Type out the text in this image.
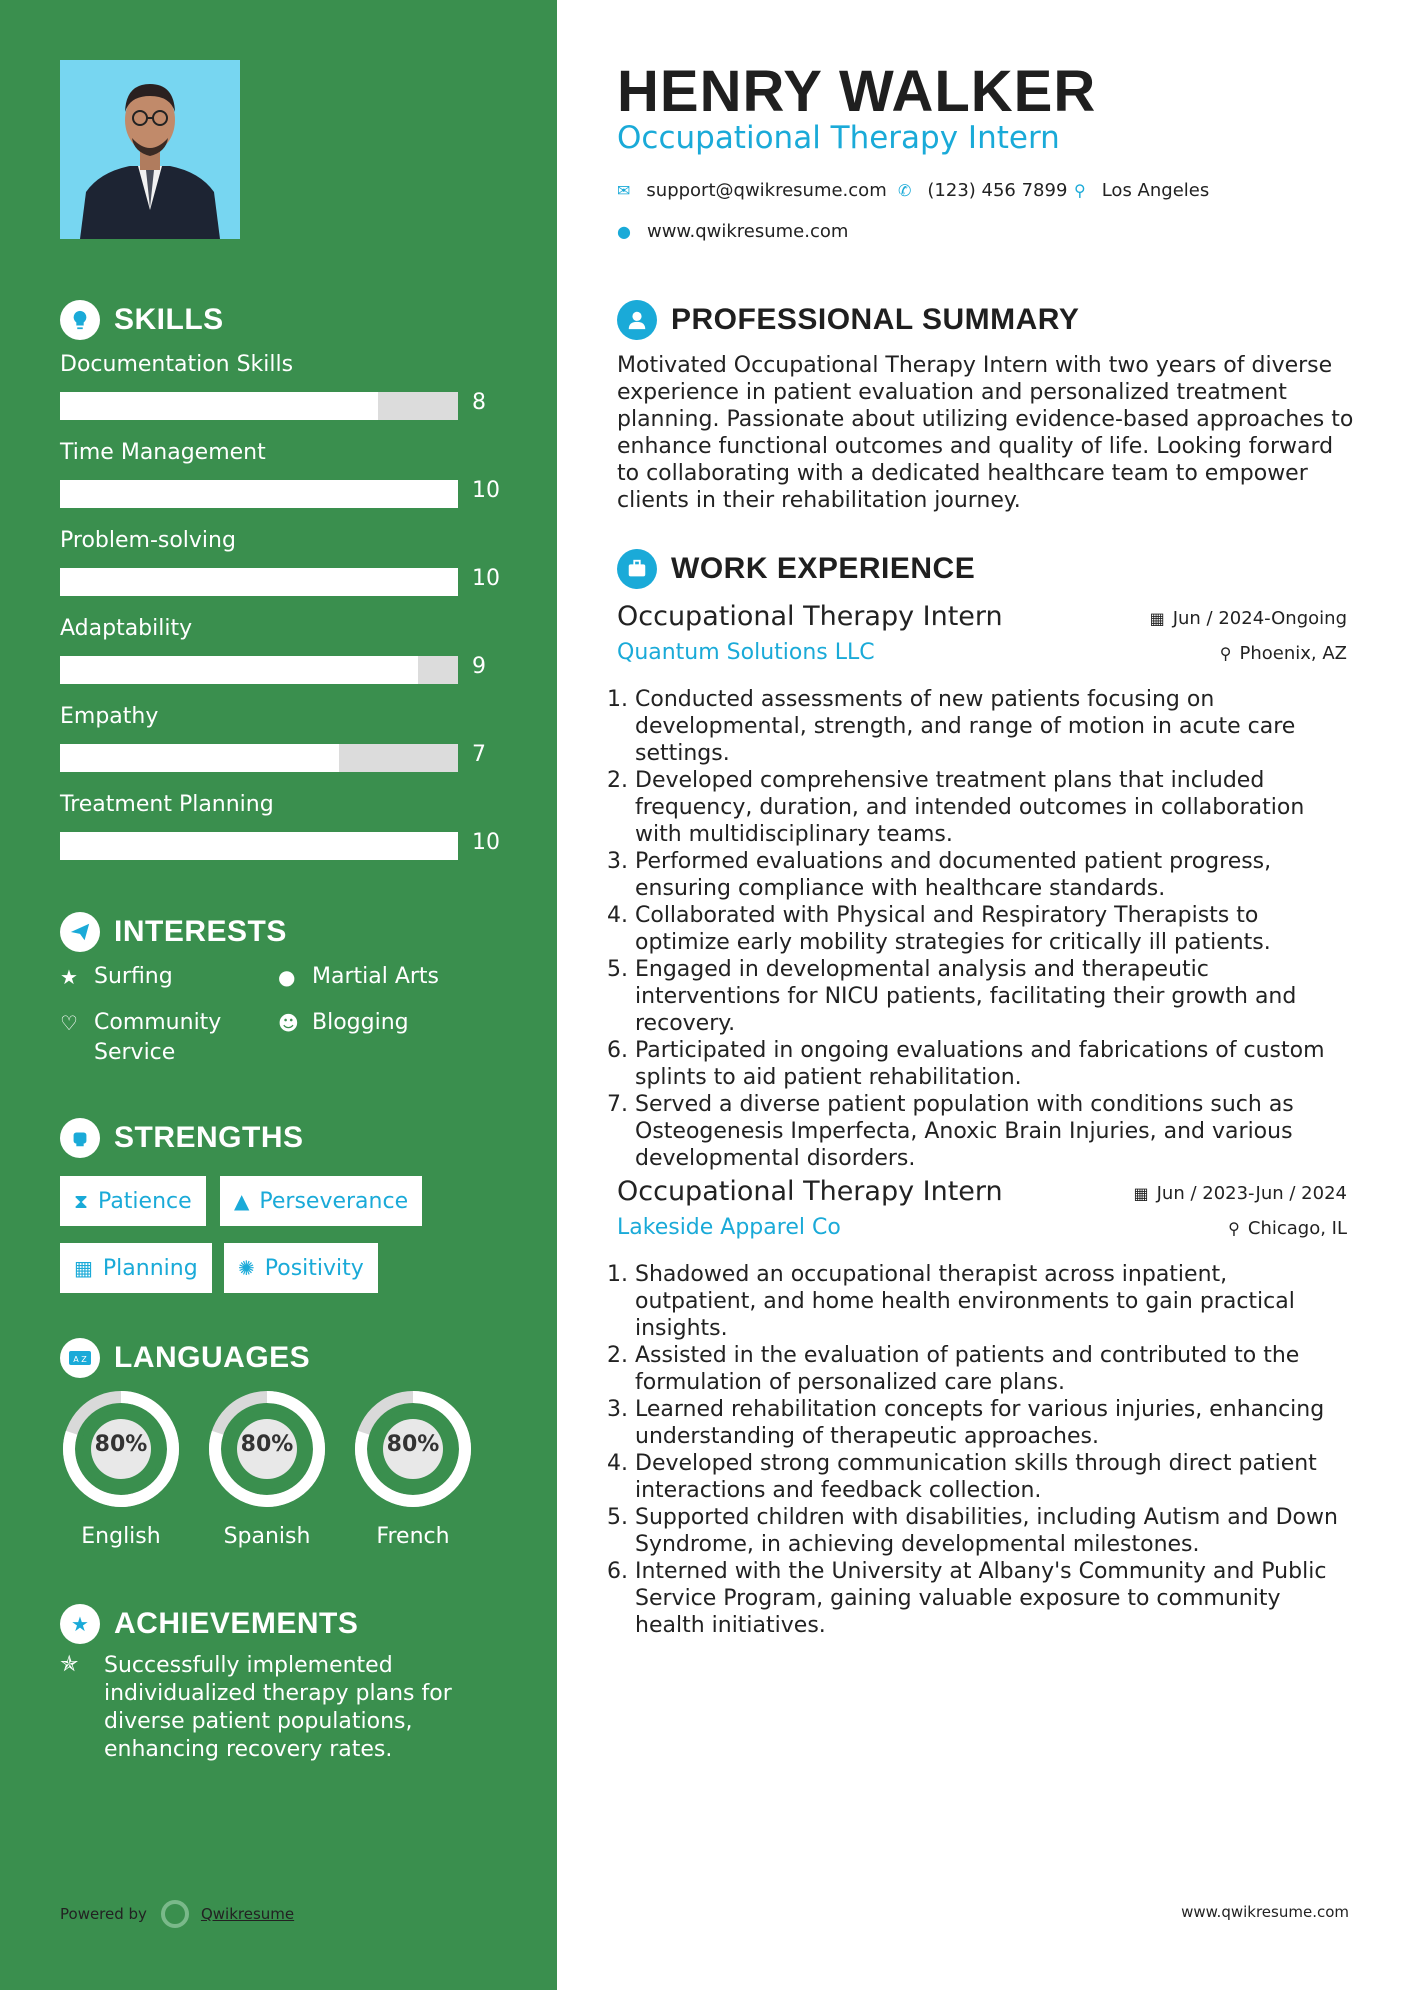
SKILLS
Documentation Skills
8
Time Management
10
Problem-solving
10
Adaptability
9
Empathy
7
Treatment Planning
10
INTERESTS
★ Surfing	● Martial Arts
♡ Community Service
☻ Blogging
STRENGTHS
⧗ Patience ▲ Perseverance
▦ Planning ✺ Positivity
A Z LANGUAGES
80%
English
80%
Spanish
80%
French
★ ACHIEVEMENTS
✯	Successfully implemented individualized therapy plans for diverse patient populations, enhancing recovery rates.
Powered by	Qwikresume
HENRY WALKER
Occupational Therapy Intern
✉ support@qwikresume.com ✆ (123) 456 7899 ⚲ Los Angeles
● www.qwikresume.com
PROFESSIONAL SUMMARY
Motivated Occupational Therapy Intern with two years of diverse experience in patient evaluation and personalized treatment planning. Passionate about utilizing evidence-based approaches to enhance functional outcomes and quality of life. Looking forward to collaborating with a dedicated healthcare team to empower clients in their rehabilitation journey.
WORK EXPERIENCE
Occupational Therapy Intern
Quantum Solutions LLC
▦ Jun / 2024-Ongoing
⚲ Phoenix, AZ
1. Conducted assessments of new patients focusing on developmental, strength, and range of motion in acute care settings.
2. Developed comprehensive treatment plans that included frequency, duration, and intended outcomes in collaboration with multidisciplinary teams.
3. Performed evaluations and documented patient progress, ensuring compliance with healthcare standards.
4. Collaborated with Physical and Respiratory Therapists to optimize early mobility strategies for critically ill patients.
5. Engaged in developmental analysis and therapeutic interventions for NICU patients, facilitating their growth and recovery.
6. Participated in ongoing evaluations and fabrications of custom splints to aid patient rehabilitation.
7. Served a diverse patient population with conditions such as Osteogenesis Imperfecta, Anoxic Brain Injuries, and various developmental disorders.
Occupational Therapy Intern
Lakeside Apparel Co
▦ Jun / 2023-Jun / 2024
⚲ Chicago, IL
1. Shadowed an occupational therapist across inpatient, outpatient, and home health environments to gain practical insights.
2. Assisted in the evaluation of patients and contributed to the formulation of personalized care plans.
3. Learned rehabilitation concepts for various injuries, enhancing understanding of therapeutic approaches.
4. Developed strong communication skills through direct patient interactions and feedback collection.
5. Supported children with disabilities, including Autism and Down Syndrome, in achieving developmental milestones.
6. Interned with the University at Albany's Community and Public Service Program, gaining valuable exposure to community health initiatives.
www.qwikresume.com
